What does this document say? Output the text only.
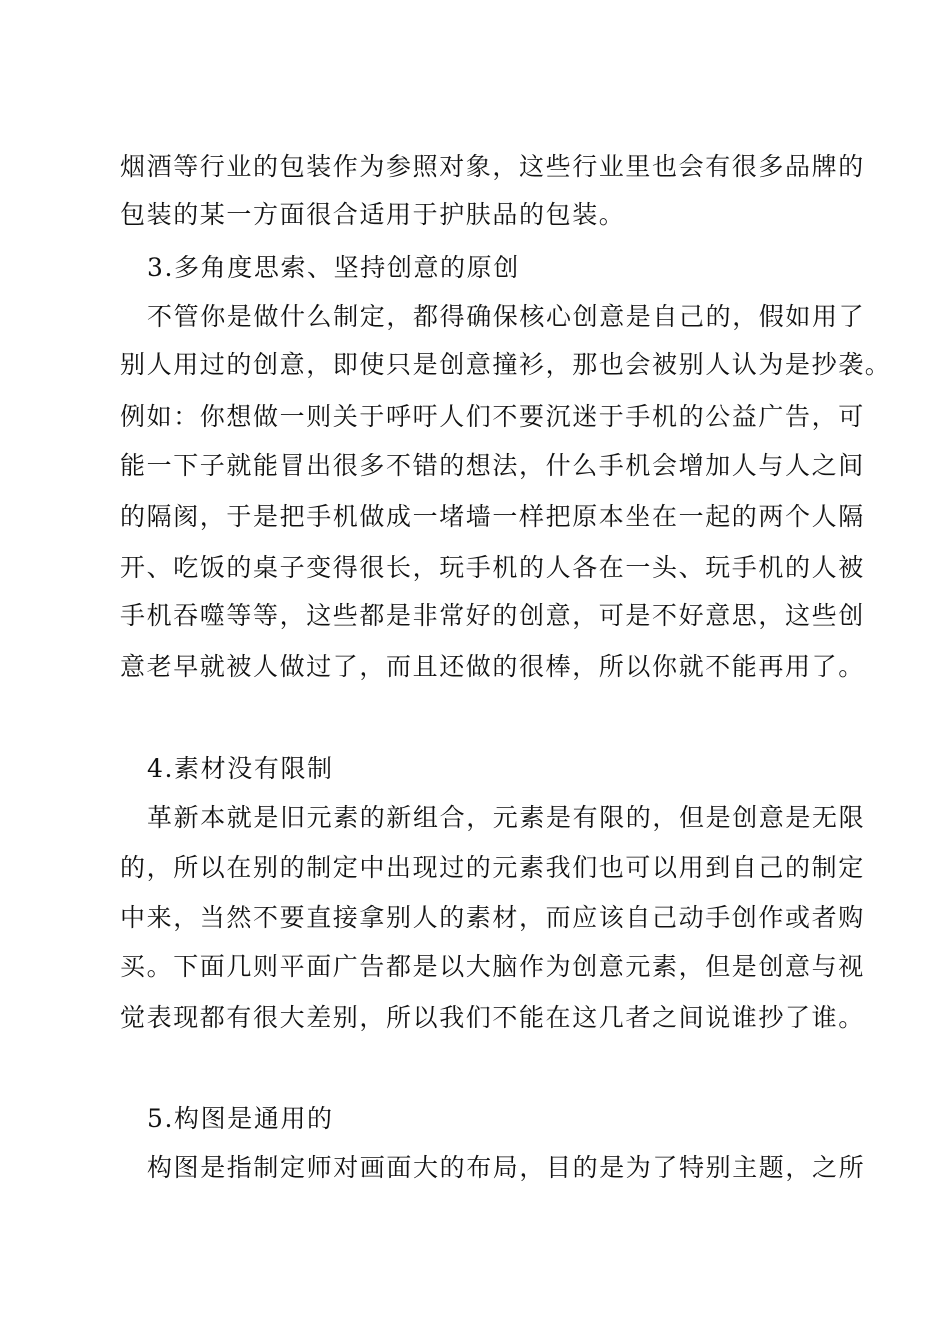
烟酒等行业的包装作为参照对象，这些行业里也会有很多品牌的
包装的某一方面很合适用于护肤品的包装。
3.多角度思索、坚持创意的原创
不管你是做什么制定，都得确保核心创意是自己的，假如用了
别人用过的创意，即使只是创意撞衫，那也会被别人认为是抄袭。
例如：你想做一则关于呼吁人们不要沉迷于手机的公益广告，可
能一下子就能冒出很多不错的想法，什么手机会增加人与人之间
的隔阂，于是把手机做成一堵墙一样把原本坐在一起的两个人隔
开、吃饭的桌子变得很长，玩手机的人各在一头、玩手机的人被
手机吞噬等等，这些都是非常好的创意，可是不好意思，这些创
意老早就被人做过了，而且还做的很棒，所以你就不能再用了。
4.素材没有限制
革新本就是旧元素的新组合，元素是有限的，但是创意是无限
的，所以在别的制定中出现过的元素我们也可以用到自己的制定
中来，当然不要直接拿别人的素材，而应该自己动手创作或者购
买。下面几则平面广告都是以大脑作为创意元素，但是创意与视
觉表现都有很大差别，所以我们不能在这几者之间说谁抄了谁。
5.构图是通用的
构图是指制定师对画面大的布局，目的是为了特别主题，之所
